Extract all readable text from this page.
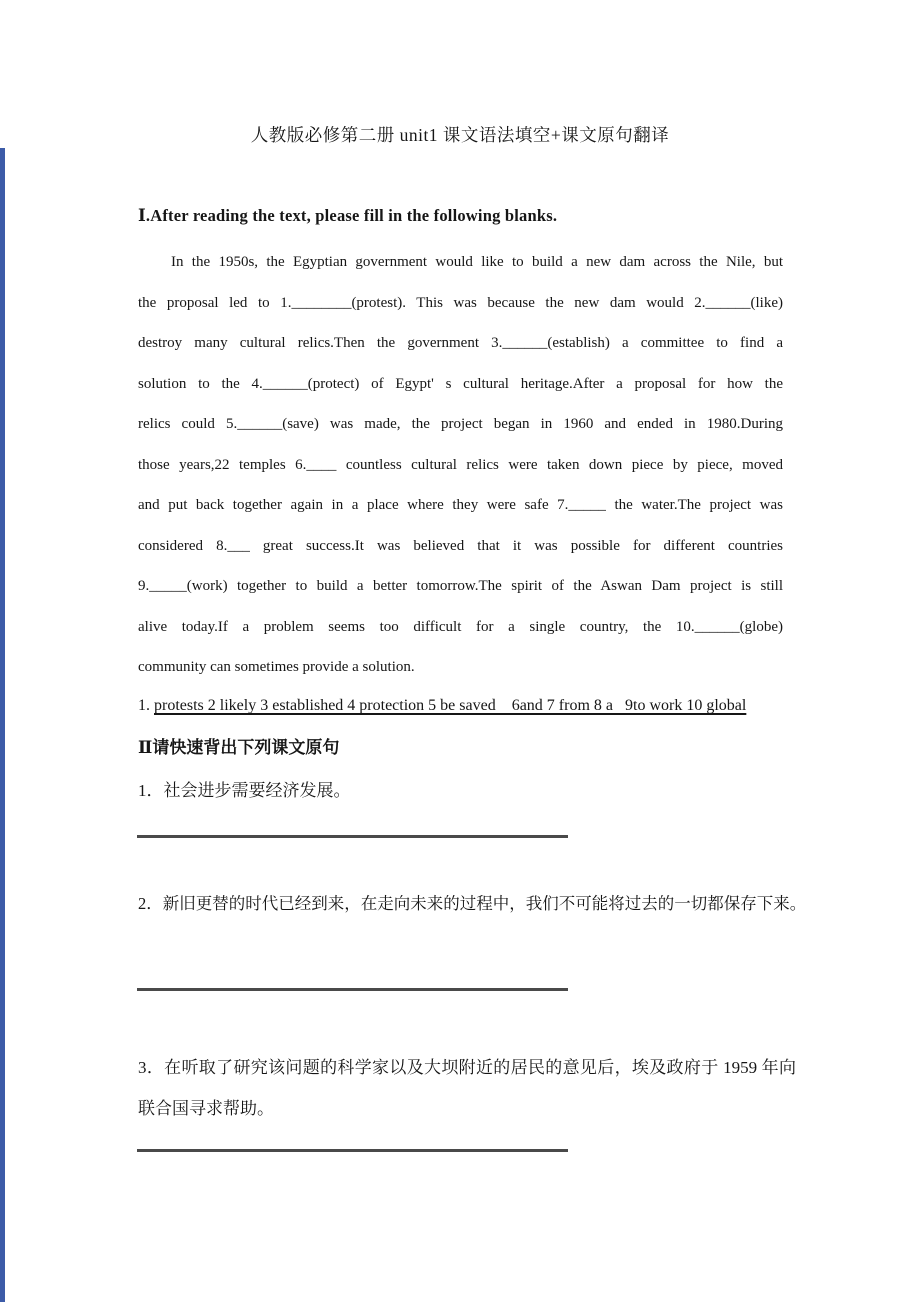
人教版必修第二册 unit1 课文语法填空+课文原句翻译
Ⅰ.After reading the text, please fill in the following blanks.
In the 1950s, the Egyptian government would like to build a new dam across the Nile, but
the proposal led to 1.________(protest). This was because the new dam would 2.______(like)
destroy many cultural relics.Then the government 3.______(establish) a committee to find a
solution to the 4.______(protect) of Egypt' s cultural heritage.After a proposal for how the
relics could 5.______(save) was made, the project began in 1960 and ended in 1980.During
those years,22 temples 6.____ countless cultural relics were taken down piece by piece, moved
and put back together again in a place where they were safe 7._____ the water.The project was
considered 8.___ great success.It was believed that it was possible for different countries
9._____(work) together to build a better tomorrow.The spirit of the Aswan Dam project is still
alive today.If a problem seems too difficult for a single country, the 10.______(globe)
community can sometimes provide a solution.
1. protests 2 likely 3 established 4 protection 5 be saved    6and 7 from 8 a   9to work 10 global
Ⅱ请快速背出下列课文原句
1．社会进步需要经济发展。
2．新旧更替的时代已经到来，在走向未来的过程中，我们不可能将过去的一切都保存下来。
3．在听取了研究该问题的科学家以及大坝附近的居民的意见后，埃及政府于 1959 年向联合国寻求帮助。
